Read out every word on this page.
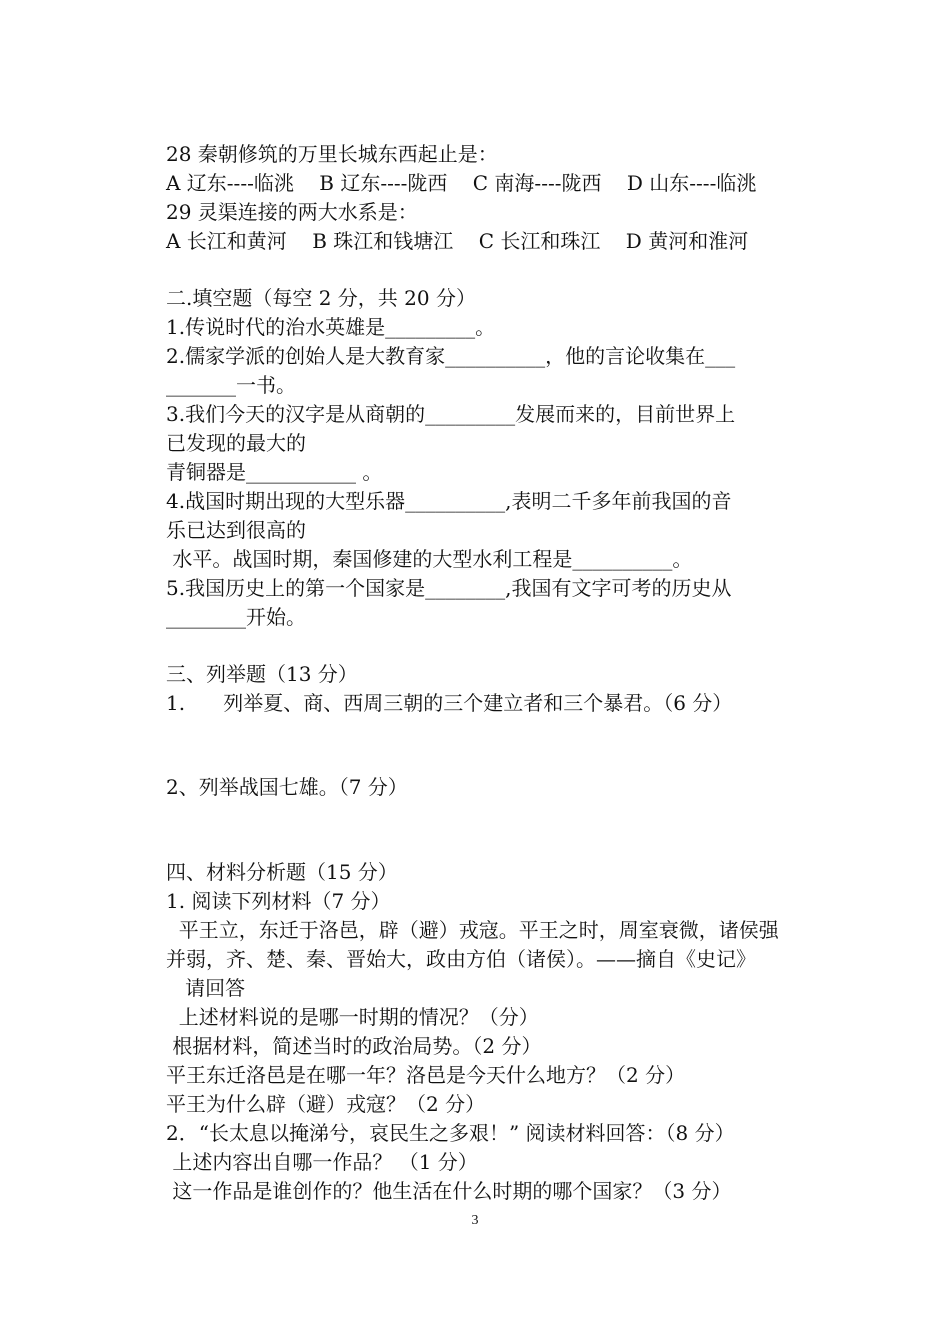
28 秦朝修筑的万里长城东西起止是：
A 辽东----临洮    B 辽东----陇西    C 南海----陇西    D 山东----临洮
29 灵渠连接的两大水系是：
A 长江和黄河    B 珠江和钱塘江    C 长江和珠江    D 黄河和淮河
二.填空题（每空 2 分，共 20 分）
1.传说时代的治水英雄是_________。
2.儒家学派的创始人是大教育家__________，他的言论收集在___
_______一书。
3.我们今天的汉字是从商朝的_________发展而来的，目前世界上
已发现的最大的
青铜器是___________ 。
4.战国时期出现的大型乐器__________,表明二千多年前我国的音
乐已达到很高的
水平。战国时期，秦国修建的大型水利工程是__________。
5.我国历史上的第一个国家是________,我国有文字可考的历史从
________开始。
三、列举题（13 分）
1.      列举夏、商、西周三朝的三个建立者和三个暴君。（6 分）
2、列举战国七雄。（7 分）
四、材料分析题（15 分）
1. 阅读下列材料（7 分）
平王立，东迁于洛邑，辟（避）戎寇。平王之时，周室衰微，诸侯强
并弱，齐、楚、秦、晋始大，政由方伯（诸侯）。——摘自《史记》
请回答
上述材料说的是哪一时期的情况？（分）
根据材料，简述当时的政治局势。（2 分）
平王东迁洛邑是在哪一年？洛邑是今天什么地方？（2 分）
平王为什么辟（避）戎寇？（2 分）
2．“长太息以掩涕兮，哀民生之多艰！” 阅读材料回答：（8 分）
上述内容出自哪一作品？ （1 分）
这一作品是谁创作的？他生活在什么时期的哪个国家？（3 分）
3
